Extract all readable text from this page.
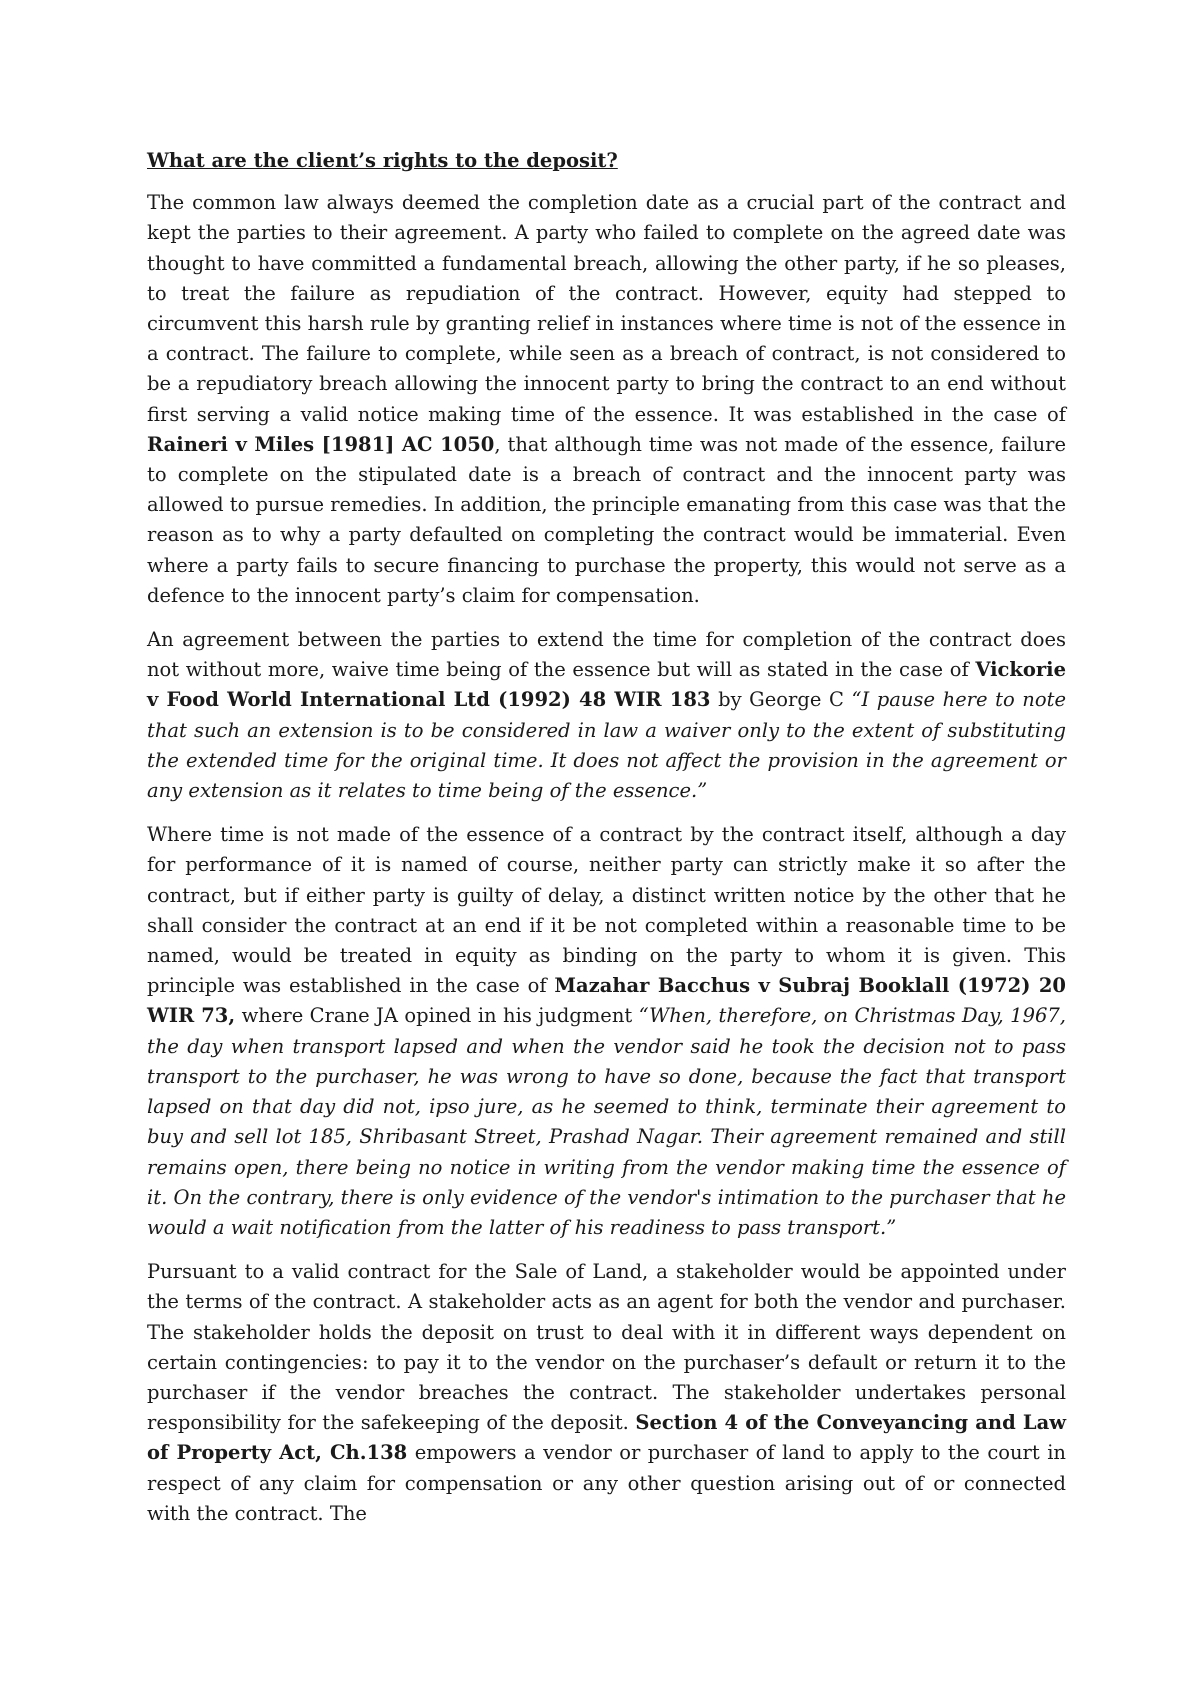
What are the client’s rights to the deposit?

The common law always deemed the completion date as a crucial part of the contract and kept the parties to their agreement. A party who failed to complete on the agreed date was thought to have committed a fundamental breach, allowing the other party, if he so pleases, to treat the failure as repudiation of the contract. However, equity had stepped to circumvent this harsh rule by granting relief in instances where time is not of the essence in a contract. The failure to complete, while seen as a breach of contract, is not considered to be a repudiatory breach allowing the innocent party to bring the contract to an end without first serving a valid notice making time of the essence. It was established in the case of Raineri v Miles [1981] AC 1050, that although time was not made of the essence, failure to complete on the stipulated date is a breach of contract and the innocent party was allowed to pursue remedies. In addition, the principle emanating from this case was that the reason as to why a party defaulted on completing the contract would be immaterial. Even where a party fails to secure financing to purchase the property, this would not serve as a defence to the innocent party’s claim for compensation.

An agreement between the parties to extend the time for completion of the contract does not without more, waive time being of the essence but will as stated in the case of Vickorie v Food World International Ltd (1992) 48 WIR 183 by George C “I pause here to note that such an extension is to be considered in law a waiver only to the extent of substituting the extended time for the original time. It does not affect the provision in the agreement or any extension as it relates to time being of the essence.”

Where time is not made of the essence of a contract by the contract itself, although a day for performance of it is named of course, neither party can strictly make it so after the contract, but if either party is guilty of delay, a distinct written notice by the other that he shall consider the contract at an end if it be not completed within a reasonable time to be named, would be treated in equity as binding on the party to whom it is given. This principle was established in the case of Mazahar Bacchus v Subraj Booklall (1972) 20 WIR 73, where Crane JA opined in his judgment “When, therefore, on Christmas Day, 1967, the day when transport lapsed and when the vendor said he took the decision not to pass transport to the purchaser, he was wrong to have so done, because the fact that transport lapsed on that day did not, ipso jure, as he seemed to think, terminate their agreement to buy and sell lot 185, Shribasant Street, Prashad Nagar. Their agreement remained and still remains open, there being no notice in writing from the vendor making time the essence of it. On the contrary, there is only evidence of the vendor's intimation to the purchaser that he would a wait notification from the latter of his readiness to pass transport.”

Pursuant to a valid contract for the Sale of Land, a stakeholder would be appointed under the terms of the contract. A stakeholder acts as an agent for both the vendor and purchaser. The stakeholder holds the deposit on trust to deal with it in different ways dependent on certain contingencies: to pay it to the vendor on the purchaser’s default or return it to the purchaser if the vendor breaches the contract. The stakeholder undertakes personal responsibility for the safekeeping of the deposit. Section 4 of the Conveyancing and Law of Property Act, Ch.138 empowers a vendor or purchaser of land to apply to the court in respect of any claim for compensation or any other question arising out of or connected with the contract. The
